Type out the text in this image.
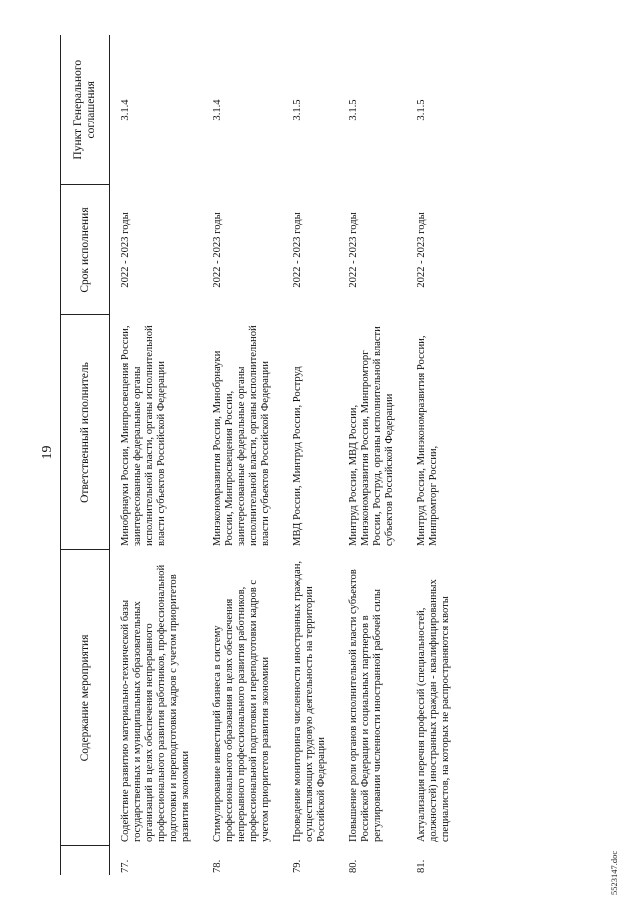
19
	Содержание мероприятия	Ответственный исполнитель	Срок исполнения	Пункт Генерального соглашения
77.	Содействие развитию материально-технической базы государственных и муниципальных образовательных организаций в целях обеспечения непрерывного профессионального развития работников, профессиональной подготовки и переподготовки кадров с учетом приоритетов развития экономики	Минобрнауки России, Минпросвещения России, заинтересованные федеральные органы исполнительной власти, органы исполнительной власти субъектов Российской Федерации	2022 - 2023 годы	3.1.4
78.	Стимулирование инвестиций бизнеса в систему профессионального образования в целях обеспечения непрерывного профессионального развития работников, профессиональной подготовки и переподготовки кадров с учетом приоритетов развития экономики	Минэкономразвития России, Минобрнауки России, Минпросвещения России, заинтересованные федеральные органы исполнительной власти, органы исполнительной власти субъектов Российской Федерации	2022 - 2023 годы	3.1.4
79.	Проведение мониторинга численности иностранных граждан, осуществляющих трудовую деятельность на территории Российской Федерации	МВД России, Минтруд России, Роструд	2022 - 2023 годы	3.1.5
80.	Повышение роли органов исполнительной власти субъектов Российской Федерации и социальных партнеров в регулировании численности иностранной рабочей силы	Минтруд России, МВД России, Минэкономразвития России, Минпромторг России, Роструд, органы исполнительной власти субъектов Российской Федерации	2022 - 2023 годы	3.1.5
81.	Актуализация перечня профессий (специальностей, должностей) иностранных граждан - квалифицированных специалистов, на которых не распространяются квоты	Минтруд России, Минэкономразвития России, Минпромторг России,	2022 - 2023 годы	3.1.5
5523147.doc
